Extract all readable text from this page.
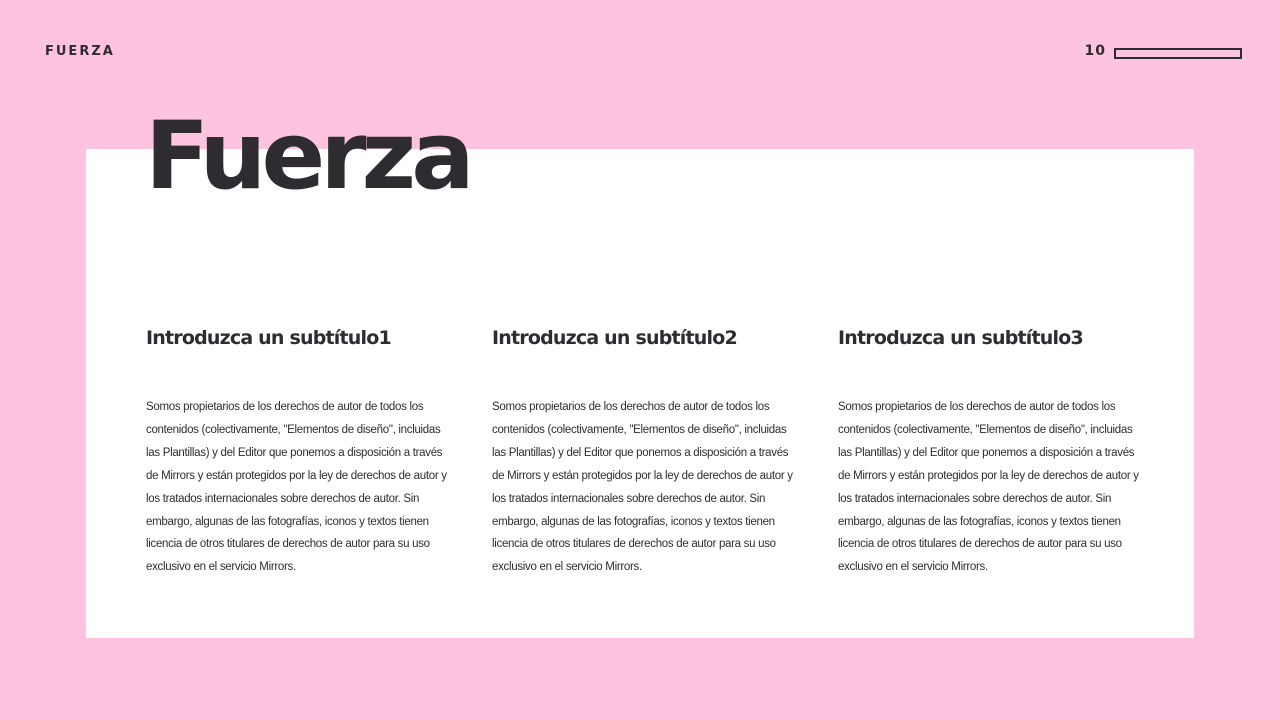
FUERZA	10
Fuerza
Introduzca un subtítulo1

Somos propietarios de los derechos de autor de todos los contenidos (colectivamente, "Elementos de diseño", incluidas las Plantillas) y del Editor que ponemos a disposición a través de Mirrors y están protegidos por la ley de derechos de autor y los tratados internacionales sobre derechos de autor. Sin embargo, algunas de las fotografías, iconos y textos tienen licencia de otros titulares de derechos de autor para su uso exclusivo en el servicio Mirrors.

Introduzca un subtítulo2

Somos propietarios de los derechos de autor de todos los contenidos (colectivamente, "Elementos de diseño", incluidas las Plantillas) y del Editor que ponemos a disposición a través de Mirrors y están protegidos por la ley de derechos de autor y los tratados internacionales sobre derechos de autor. Sin embargo, algunas de las fotografías, iconos y textos tienen licencia de otros titulares de derechos de autor para su uso exclusivo en el servicio Mirrors.

Introduzca un subtítulo3

Somos propietarios de los derechos de autor de todos los contenidos (colectivamente, "Elementos de diseño", incluidas las Plantillas) y del Editor que ponemos a disposición a través de Mirrors y están protegidos por la ley de derechos de autor y los tratados internacionales sobre derechos de autor. Sin embargo, algunas de las fotografías, iconos y textos tienen licencia de otros titulares de derechos de autor para su uso exclusivo en el servicio Mirrors.
